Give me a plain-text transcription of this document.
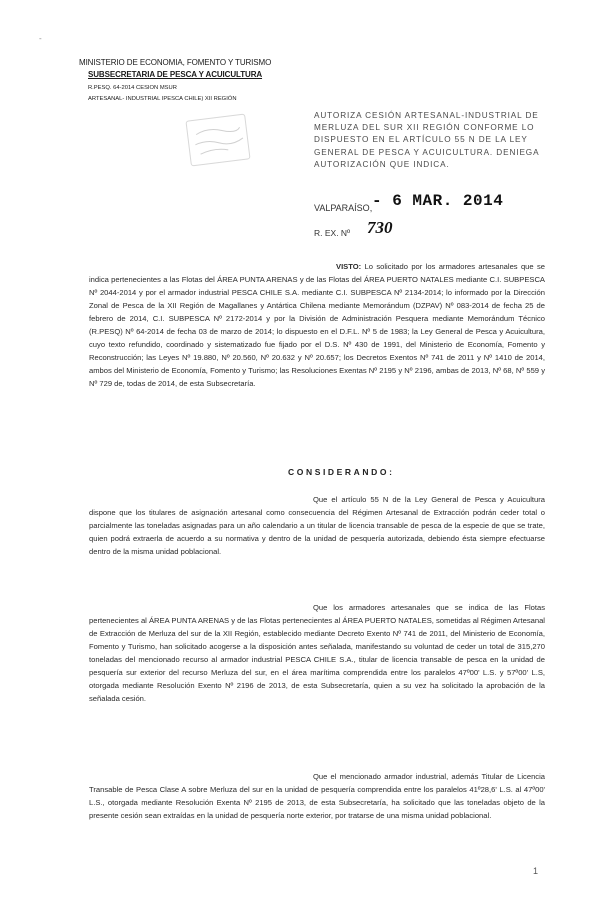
-
MINISTERIO DE ECONOMIA, FOMENTO Y TURISMO
SUBSECRETARIA DE PESCA Y ACUICULTURA
R.PESQ. 64-2014 CESION MSUR
ARTESANAL- INDUSTRIAL IPESCA CHILE) XII REGIÓN
AUTORIZA CESIÓN ARTESANAL-INDUSTRIAL DE MERLUZA DEL SUR XII REGIÓN CONFORME LO DISPUESTO EN EL ARTÍCULO 55 N DE LA LEY GENERAL DE PESCA Y ACUICULTURA. DENIEGA AUTORIZACIÓN QUE INDICA.
VALPARAÍSO, - 6 MAR. 2014
R. EX. Nº 730
VISTO: Lo solicitado por los armadores artesanales que se indica pertenecientes a las Flotas del ÁREA PUNTA ARENAS y de las Flotas del ÁREA PUERTO NATALES mediante C.I. SUBPESCA Nº 2044-2014 y por el armador industrial PESCA CHILE S.A. mediante C.I. SUBPESCA Nº 2134-2014; lo informado por la Dirección Zonal de Pesca de la XII Región de Magallanes y Antártica Chilena mediante Memorándum (DZPAV) Nº 083-2014 de fecha 25 de febrero de 2014, C.I. SUBPESCA Nº 2172-2014 y por la División de Administración Pesquera mediante Memorándum Técnico (R.PESQ) Nº 64-2014 de fecha 03 de marzo de 2014; lo dispuesto en el D.F.L. Nº 5 de 1983; la Ley General de Pesca y Acuicultura, cuyo texto refundido, coordinado y sistematizado fue fijado por el D.S. Nº 430 de 1991, del Ministerio de Economía, Fomento y Reconstrucción; las Leyes Nº 19.880, Nº 20.560, Nº 20.632 y Nº 20.657; los Decretos Exentos Nº 741 de 2011 y Nº 1410 de 2014, ambos del Ministerio de Economía, Fomento y Turismo; las Resoluciones Exentas Nº 2195 y Nº 2196, ambas de 2013, Nº 68, Nº 559 y Nº 729 de, todas de 2014, de esta Subsecretaría.
CONSIDERANDO:
Que el artículo 55 N de la Ley General de Pesca y Acuicultura dispone que los titulares de asignación artesanal como consecuencia del Régimen Artesanal de Extracción podrán ceder total o parcialmente las toneladas asignadas para un año calendario a un titular de licencia transable de pesca de la especie de que se trate, quien podrá extraerla de acuerdo a su normativa y dentro de la unidad de pesquería autorizada, debiendo ésta siempre efectuarse dentro de la misma unidad poblacional.
Que los armadores artesanales que se indica de las Flotas pertenecientes al ÁREA PUNTA ARENAS y de las Flotas pertenecientes al ÁREA PUERTO NATALES, sometidas al Régimen Artesanal de Extracción de Merluza del sur de la XII Región, establecido mediante Decreto Exento Nº 741 de 2011, del Ministerio de Economía, Fomento y Turismo, han solicitado acogerse a la disposición antes señalada, manifestando su voluntad de ceder un total de 315,270 toneladas del mencionado recurso al armador industrial PESCA CHILE S.A., titular de licencia transable de pesca en la unidad de pesquería sur exterior del recurso Merluza del sur, en el área marítima comprendida entre los paralelos 47º00' L.S. y 57º00' L.S, otorgada mediante Resolución Exento Nº 2196 de 2013, de esta Subsecretaría, quien a su vez ha solicitado la aprobación de la señalada cesión.
Que el mencionado armador industrial, además Titular de Licencia Transable de Pesca Clase A sobre Merluza del sur en la unidad de pesquería comprendida entre los paralelos 41º28,6' L.S. al 47º00' L.S., otorgada mediante Resolución Exenta Nº 2195 de 2013, de esta Subsecretaría, ha solicitado que las toneladas objeto de la presente cesión sean extraídas en la unidad de pesquería norte exterior, por tratarse de una misma unidad poblacional.
1
